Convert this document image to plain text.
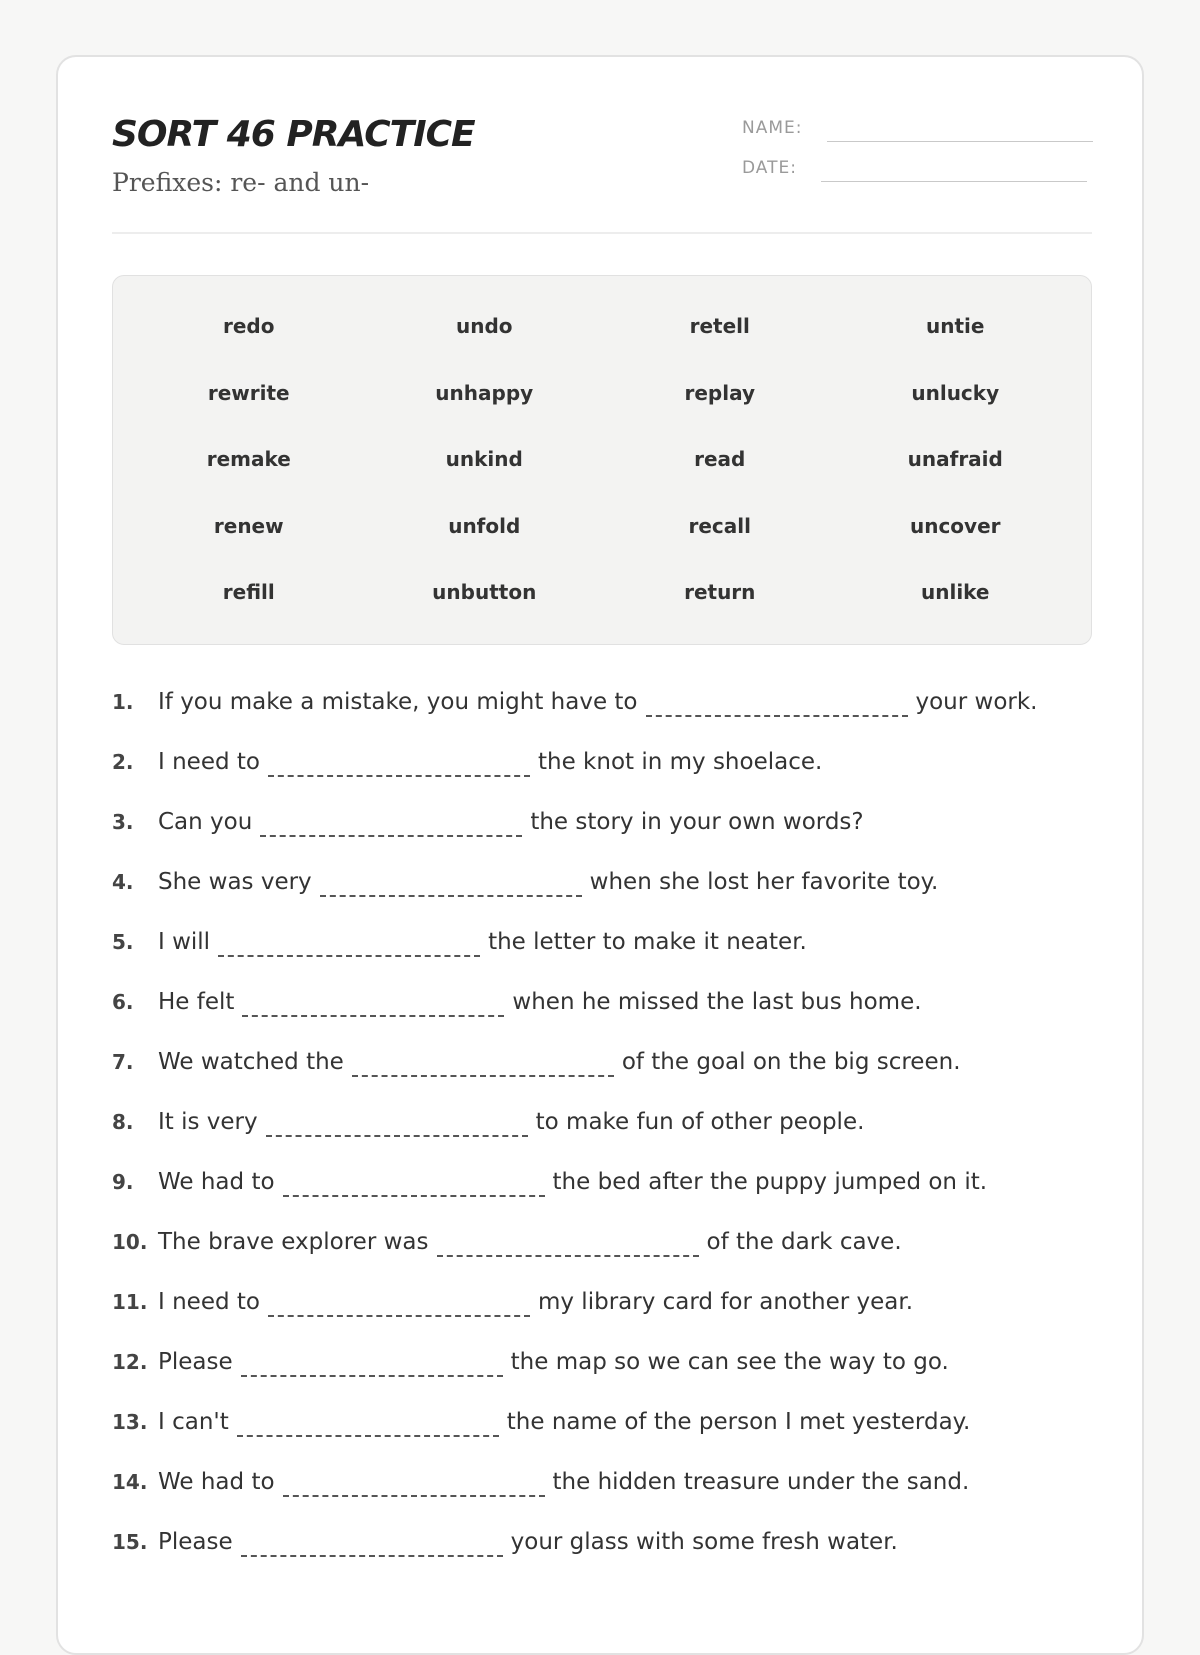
SORT 46 PRACTICE

Prefixes: re- and un-

NAME:
DATE:
redo	undo	retell	untie
rewrite	unhappy	replay	unlucky
remake	unkind	read	unafraid
renew	unfold	recall	uncover
refill	unbutton	return	unlike
1.	If you make a mistake, you might have to	your work.
2.	I need to	the knot in my shoelace.
3.	Can you	the story in your own words?
4.	She was very	when she lost her favorite toy.
5.	I will	the letter to make it neater.
6.	He felt	when he missed the last bus home.
7.	We watched the	of the goal on the big screen.
8.	It is very	to make fun of other people.
9.	We had to	the bed after the puppy jumped on it.
10. The brave explorer was	of the dark cave.
11. I need to	my library card for another year.
12. Please	the map so we can see the way to go.
13. I can't	the name of the person I met yesterday.
14. We had to	the hidden treasure under the sand.
15. Please	your glass with some fresh water.
